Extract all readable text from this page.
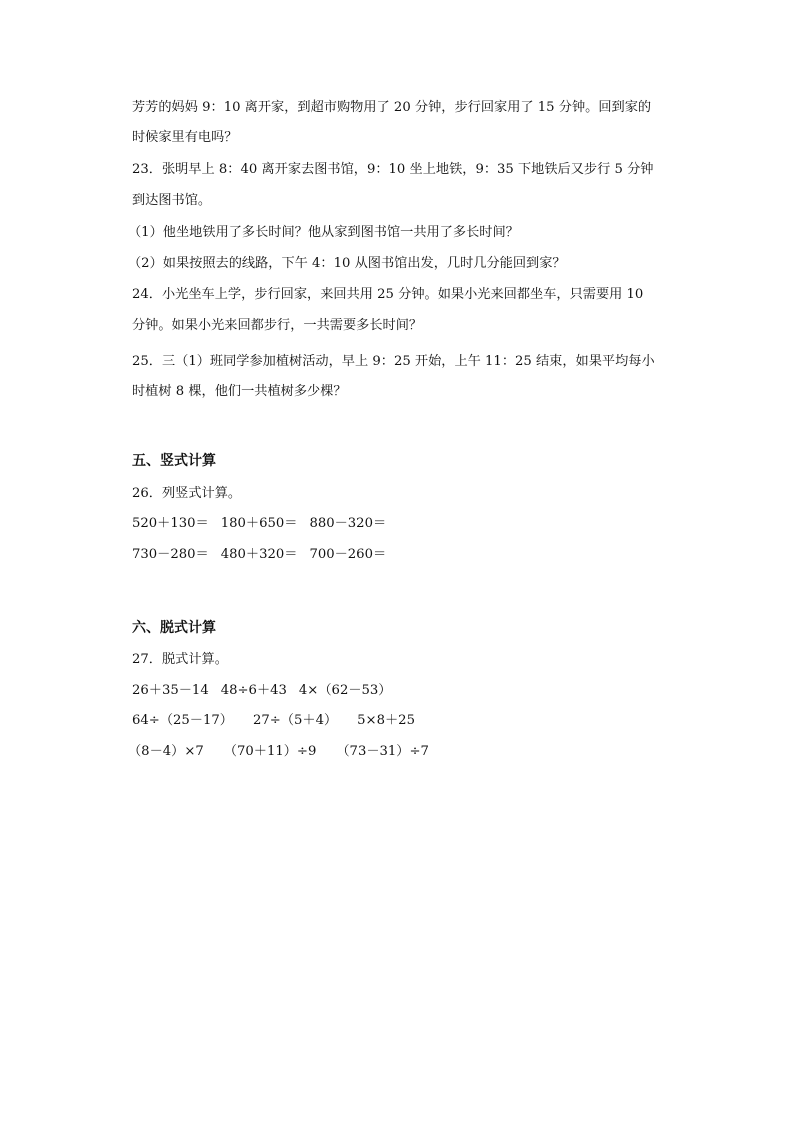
芳芳的妈妈 9：10 离开家，到超市购物用了 20 分钟，步行回家用了 15 分钟。回到家的
时候家里有电吗？
23．张明早上 8：40 离开家去图书馆，9：10 坐上地铁，9：35 下地铁后又步行 5 分钟
到达图书馆。
（1）他坐地铁用了多长时间？他从家到图书馆一共用了多长时间？
（2）如果按照去的线路，下午 4：10 从图书馆出发，几时几分能回到家？
24．小光坐车上学，步行回家，来回共用 25 分钟。如果小光来回都坐车，只需要用 10
分钟。如果小光来回都步行，一共需要多长时间？
25．三（1）班同学参加植树活动，早上 9：25 开始，上午 11：25 结束，如果平均每小
时植树 8 棵，他们一共植树多少棵？
五、竖式计算
26．列竖式计算。
520＋130＝ 180＋650＝ 880－320＝
730－280＝ 480＋320＝ 700－260＝
六、脱式计算
27．脱式计算。
26＋35－14 48÷6＋43 4×（62－53）
64÷（25－17） 27÷（5＋4） 5×8＋25
（8－4）×7 （70＋11）÷9 （73－31）÷7
